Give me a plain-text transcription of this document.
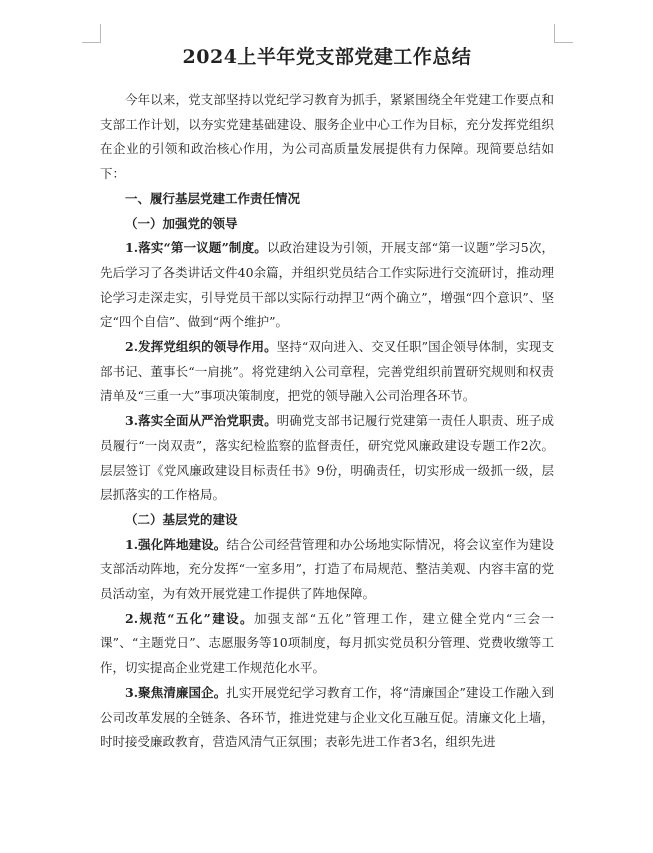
2024上半年党支部党建工作总结

今年以来，党支部坚持以党纪学习教育为抓手，紧紧围绕全年党建工作要点和支部工作计划，以夯实党建基础建设、服务企业中心工作为目标，充分发挥党组织在企业的引领和政治核心作用，为公司高质量发展提供有力保障。现简要总结如下：

一、履行基层党建工作责任情况

（一）加强党的领导

1.落实“第一议题”制度。以政治建设为引领，开展支部“第一议题”学习5次，先后学习了各类讲话文件40余篇，并组织党员结合工作实际进行交流研讨，推动理论学习走深走实，引导党员干部以实际行动捍卫“两个确立”，增强“四个意识”、坚定“四个自信”、做到“两个维护”。

2.发挥党组织的领导作用。坚持“双向进入、交叉任职”国企领导体制，实现支部书记、董事长“一肩挑”。将党建纳入公司章程，完善党组织前置研究规则和权责清单及“三重一大”事项决策制度，把党的领导融入公司治理各环节。

3.落实全面从严治党职责。明确党支部书记履行党建第一责任人职责、班子成员履行“一岗双责”，落实纪检监察的监督责任，研究党风廉政建设专题工作2次。层层签订《党风廉政建设目标责任书》9份，明确责任，切实形成一级抓一级，层层抓落实的工作格局。

（二）基层党的建设

1.强化阵地建设。结合公司经营管理和办公场地实际情况，将会议室作为建设支部活动阵地，充分发挥“一室多用”，打造了布局规范、整洁美观、内容丰富的党员活动室，为有效开展党建工作提供了阵地保障。

2.规范“五化”建设。加强支部“五化”管理工作，建立健全党内“三会一课”、“主题党日”、志愿服务等10项制度，每月抓实党员积分管理、党费收缴等工作，切实提高企业党建工作规范化水平。

3.聚焦清廉国企。扎实开展党纪学习教育工作，将“清廉国企”建设工作融入到公司改革发展的全链条、各环节，推进党建与企业文化互融互促。清廉文化上墙，时时接受廉政教育，营造风清气正氛围；表彰先进工作者3名，组织先进
